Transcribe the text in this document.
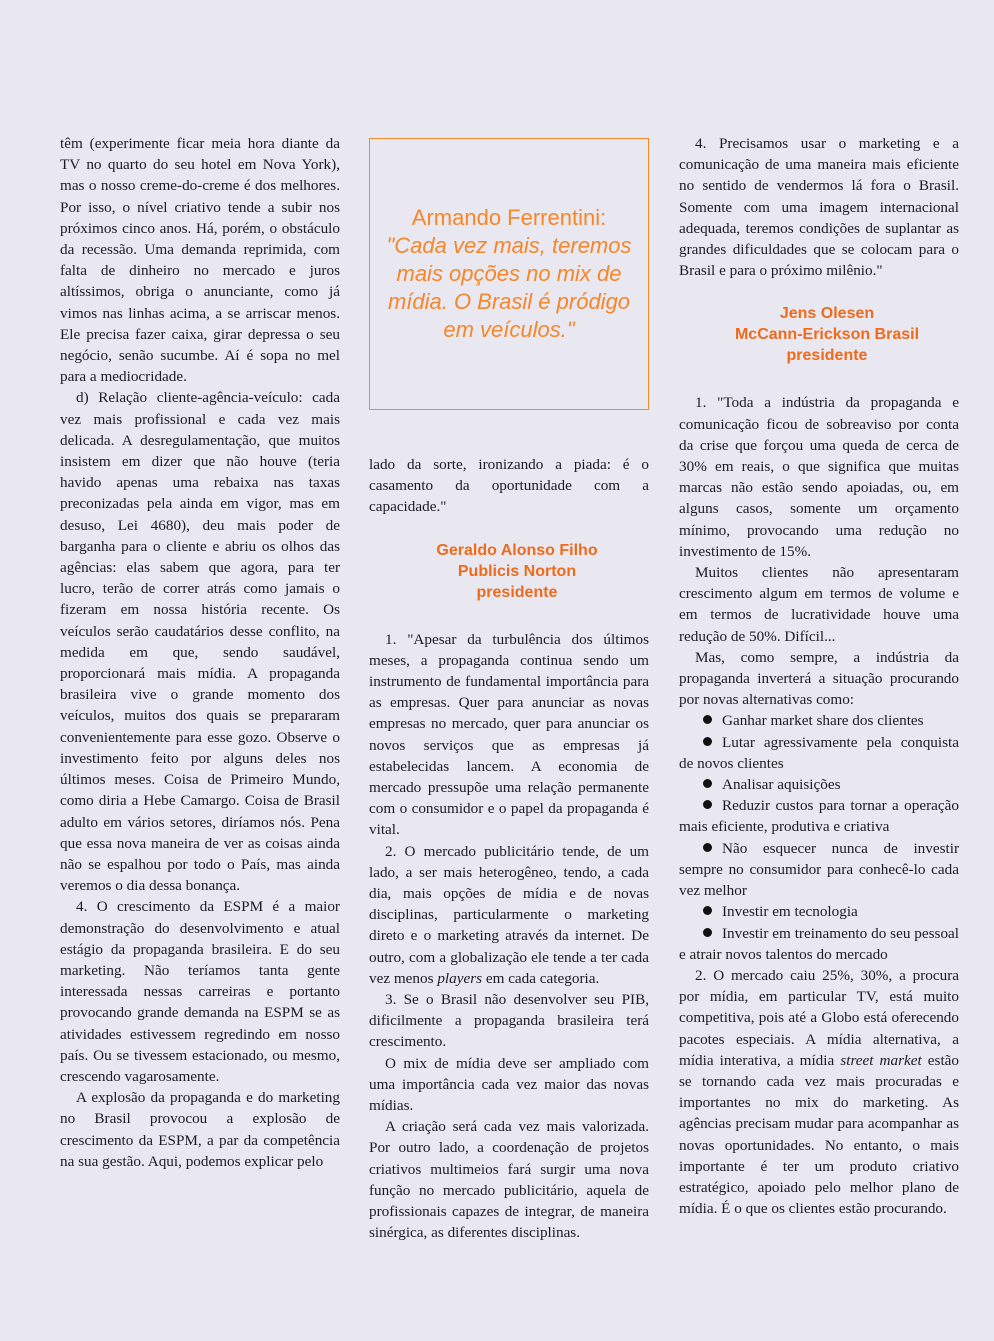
têm (experimente ficar meia hora diante da TV no quarto do seu hotel em Nova York), mas o nosso creme-do-creme é dos melhores. Por isso, o nível criativo tende a subir nos próximos cinco anos. Há, porém, o obstáculo da recessão. Uma demanda reprimida, com falta de dinheiro no mercado e juros altíssimos, obriga o anunciante, como já vimos nas linhas acima, a se arriscar menos. Ele precisa fazer caixa, girar depressa o seu negócio, senão sucumbe. Aí é sopa no mel para a mediocridade.

d) Relação cliente-agência-veículo: cada vez mais profissional e cada vez mais delicada. A desregulamentação, que muitos insistem em dizer que não houve (teria havido apenas uma rebaixa nas taxas preconizadas pela ainda em vigor, mas em desuso, Lei 4680), deu mais poder de barganha para o cliente e abriu os olhos das agências: elas sabem que agora, para ter lucro, terão de correr atrás como jamais o fizeram em nossa história recente. Os veículos serão caudatários desse conflito, na medida em que, sendo saudável, proporcionará mais mídia. A propaganda brasileira vive o grande momento dos veículos, muitos dos quais se prepararam convenientemente para esse gozo. Observe o investimento feito por alguns deles nos últimos meses. Coisa de Primeiro Mundo, como diria a Hebe Camargo. Coisa de Brasil adulto em vários setores, diríamos nós. Pena que essa nova maneira de ver as coisas ainda não se espalhou por todo o País, mas ainda veremos o dia dessa bonança.

4. O crescimento da ESPM é a maior demonstração do desenvolvimento e atual estágio da propaganda brasileira. E do seu marketing. Não teríamos tanta gente interessada nessas carreiras e portanto provocando grande demanda na ESPM se as atividades estivessem regredindo em nosso país. Ou se tivessem estacionado, ou mesmo, crescendo vagarosamente.

A explosão da propaganda e do marketing no Brasil provocou a explosão de crescimento da ESPM, a par da competência na sua gestão. Aqui, podemos explicar pelo

Armando Ferrentini:
"Cada vez mais, teremos mais opções no mix de mídia. O Brasil é pródigo em veículos."

lado da sorte, ironizando a piada: é o casamento da oportunidade com a capacidade."

Geraldo Alonso Filho

Publicis Norton

presidente

1. "Apesar da turbulência dos últimos meses, a propaganda continua sendo um instrumento de fundamental importância para as empresas. Quer para anunciar as novas empresas no mercado, quer para anunciar os novos serviços que as empresas já estabelecidas lancem. A economia de mercado pressupõe uma relação permanente com o consumidor e o papel da propaganda é vital.

2. O mercado publicitário tende, de um lado, a ser mais heterogêneo, tendo, a cada dia, mais opções de mídia e de novas disciplinas, particularmente o marketing direto e o marketing através da internet. De outro, com a globalização ele tende a ter cada vez menos players em cada categoria.

3. Se o Brasil não desenvolver seu PIB, dificilmente a propaganda brasileira terá crescimento.

O mix de mídia deve ser ampliado com uma importância cada vez maior das novas mídias.

A criação será cada vez mais valorizada. Por outro lado, a coordenação de projetos criativos multimeios fará surgir uma nova função no mercado publicitário, aquela de profissionais capazes de integrar, de maneira sinérgica, as diferentes disciplinas.

4. Precisamos usar o marketing e a comunicação de uma maneira mais eficiente no sentido de vendermos lá fora o Brasil. Somente com uma imagem internacional adequada, teremos condições de suplantar as grandes dificuldades que se colocam para o Brasil e para o próximo milênio."

Jens Olesen

McCann-Erickson Brasil

presidente

1. "Toda a indústria da propaganda e comunicação ficou de sobreaviso por conta da crise que forçou uma queda de cerca de 30% em reais, o que significa que muitas marcas não estão sendo apoiadas, ou, em alguns casos, somente um orçamento mínimo, provocando uma redução no investimento de 15%.

Muitos clientes não apresentaram crescimento algum em termos de volume e em termos de lucratividade houve uma redução de 50%. Difícil...

Mas, como sempre, a indústria da propaganda inverterá a situação procurando por novas alternativas como:

Ganhar market share dos clientes
Lutar agressivamente pela conquista de novos clientes
Analisar aquisições
Reduzir custos para tornar a operação mais eficiente, produtiva e criativa
Não esquecer nunca de investir sempre no consumidor para conhecê-lo cada vez melhor
Investir em tecnologia
Investir em treinamento do seu pessoal e atrair novos talentos do mercado

2. O mercado caiu 25%, 30%, a procura por mídia, em particular TV, está muito competitiva, pois até a Globo está oferecendo pacotes especiais. A mídia alternativa, a mídia interativa, a mídia street market estão se tornando cada vez mais procuradas e importantes no mix do marketing. As agências precisam mudar para acompanhar as novas oportunidades. No entanto, o mais importante é ter um produto criativo estratégico, apoiado pelo melhor plano de mídia. É o que os clientes estão procurando.
